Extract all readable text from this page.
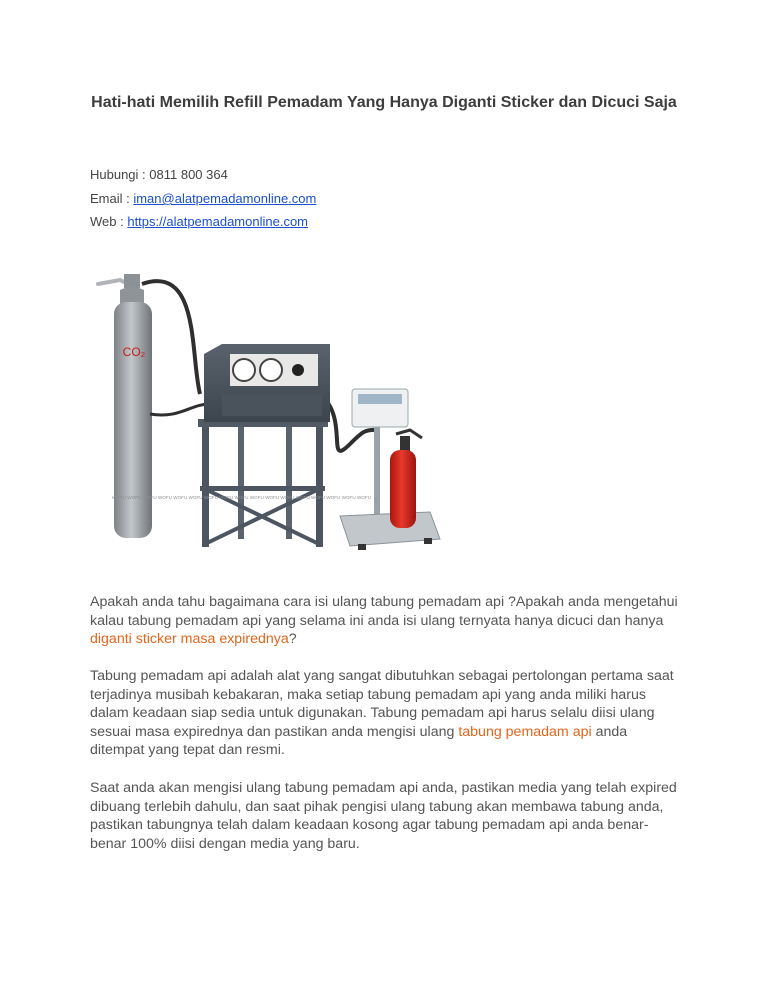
Hati-hati Memilih Refill Pemadam Yang Hanya Diganti Sticker dan Dicuci Saja
Hubungi : 0811 800 364
Email : iman@alatpemadamonline.com
Web : https://alatpemadamonline.com
CO₂
WOFU WOFU WOFU WOFU WOFU WOFU WOFU WOFU WOFU WOFU WOFU WOFU WOFU WOFU WOFU WOFU WOFU

Apakah anda tahu bagaimana cara isi ulang tabung pemadam api ?Apakah anda mengetahui kalau tabung pemadam api yang selama ini anda isi ulang ternyata hanya dicuci dan hanya diganti sticker masa expirednya?

Tabung pemadam api adalah alat yang sangat dibutuhkan sebagai pertolongan pertama saat terjadinya musibah kebakaran, maka setiap tabung pemadam api yang anda miliki harus dalam keadaan siap sedia untuk digunakan. Tabung pemadam api harus selalu diisi ulang sesuai masa expirednya dan pastikan anda mengisi ulang tabung pemadam api anda ditempat yang tepat dan resmi.

Saat anda akan mengisi ulang tabung pemadam api anda, pastikan media yang telah expired dibuang terlebih dahulu, dan saat pihak pengisi ulang tabung akan membawa tabung anda, pastikan tabungnya telah dalam keadaan kosong agar tabung pemadam api anda benar-benar 100% diisi dengan media yang baru.
